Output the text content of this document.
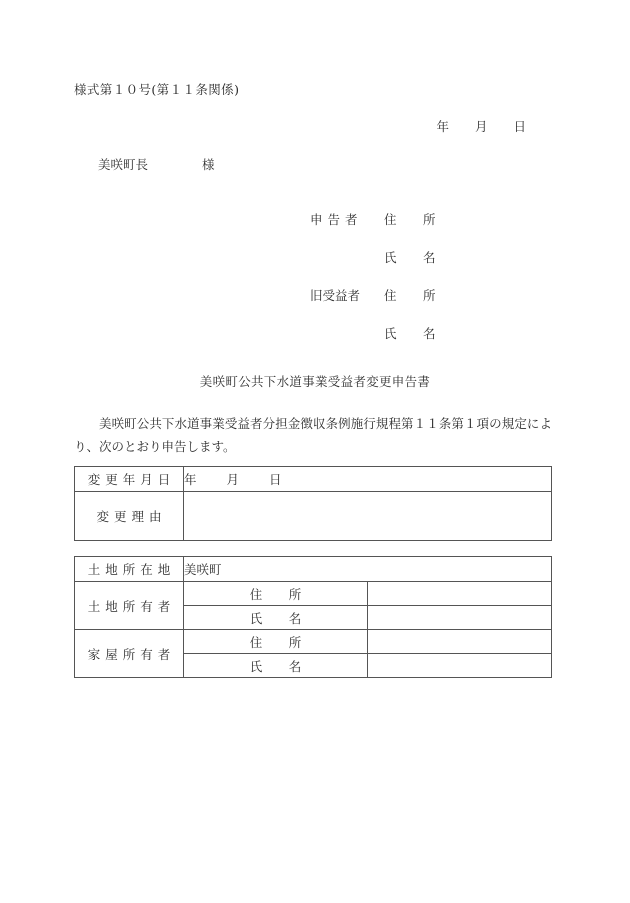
様式第１０号(第１１条関係)
年 月 日
美咲町長	様
申告者	住　所
氏　名
旧受益者	住　所
氏　名
美咲町公共下水道事業受益者変更申告書
美咲町公共下水道事業受益者分担金徴収条例施行規程第１１条第１項の規定により、次のとおり申告します。
変更年月日	年 月 日
変更理由	
土地所在地	美咲町	
土地所有者	住　所	
	氏　名	
家屋所有者	住　所	
	氏　名	
